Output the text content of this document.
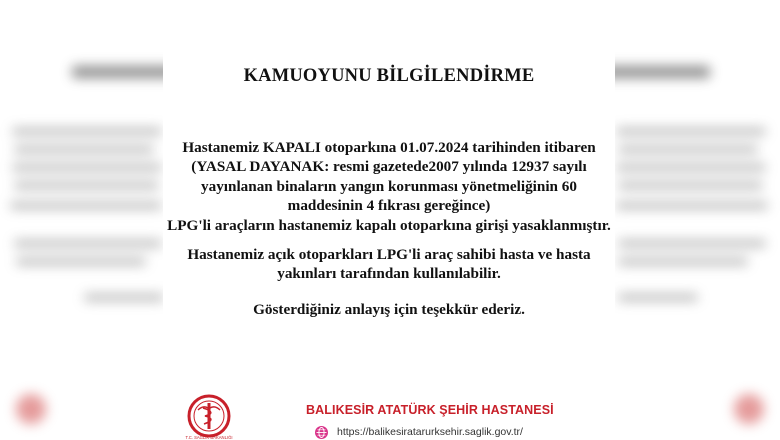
KAMUOYUNU BİLGİLENDİRME
Hastanemiz KAPALI otoparkına 01.07.2024 tarihinden itibaren
(YASAL DAYANAK: resmi gazetede2007 yılında 12937 sayılı
yayınlanan binaların yangın korunması yönetmeliğinin 60
maddesinin 4 fıkrası gereğince)
LPG'li araçların hastanemiz kapalı otoparkına girişi yasaklanmıştır.
Hastanemiz açık otoparkları LPG'li araç sahibi hasta ve hasta
yakınları tarafından kullanılabilir.
Gösterdiğiniz anlayış için teşekkür ederiz.
T.C. SAĞLIK BAKANLIĞI
BALIKESİR ATATÜRK ŞEHİR HASTANESİ
https://balikesiratarurksehir.saglik.gov.tr/
